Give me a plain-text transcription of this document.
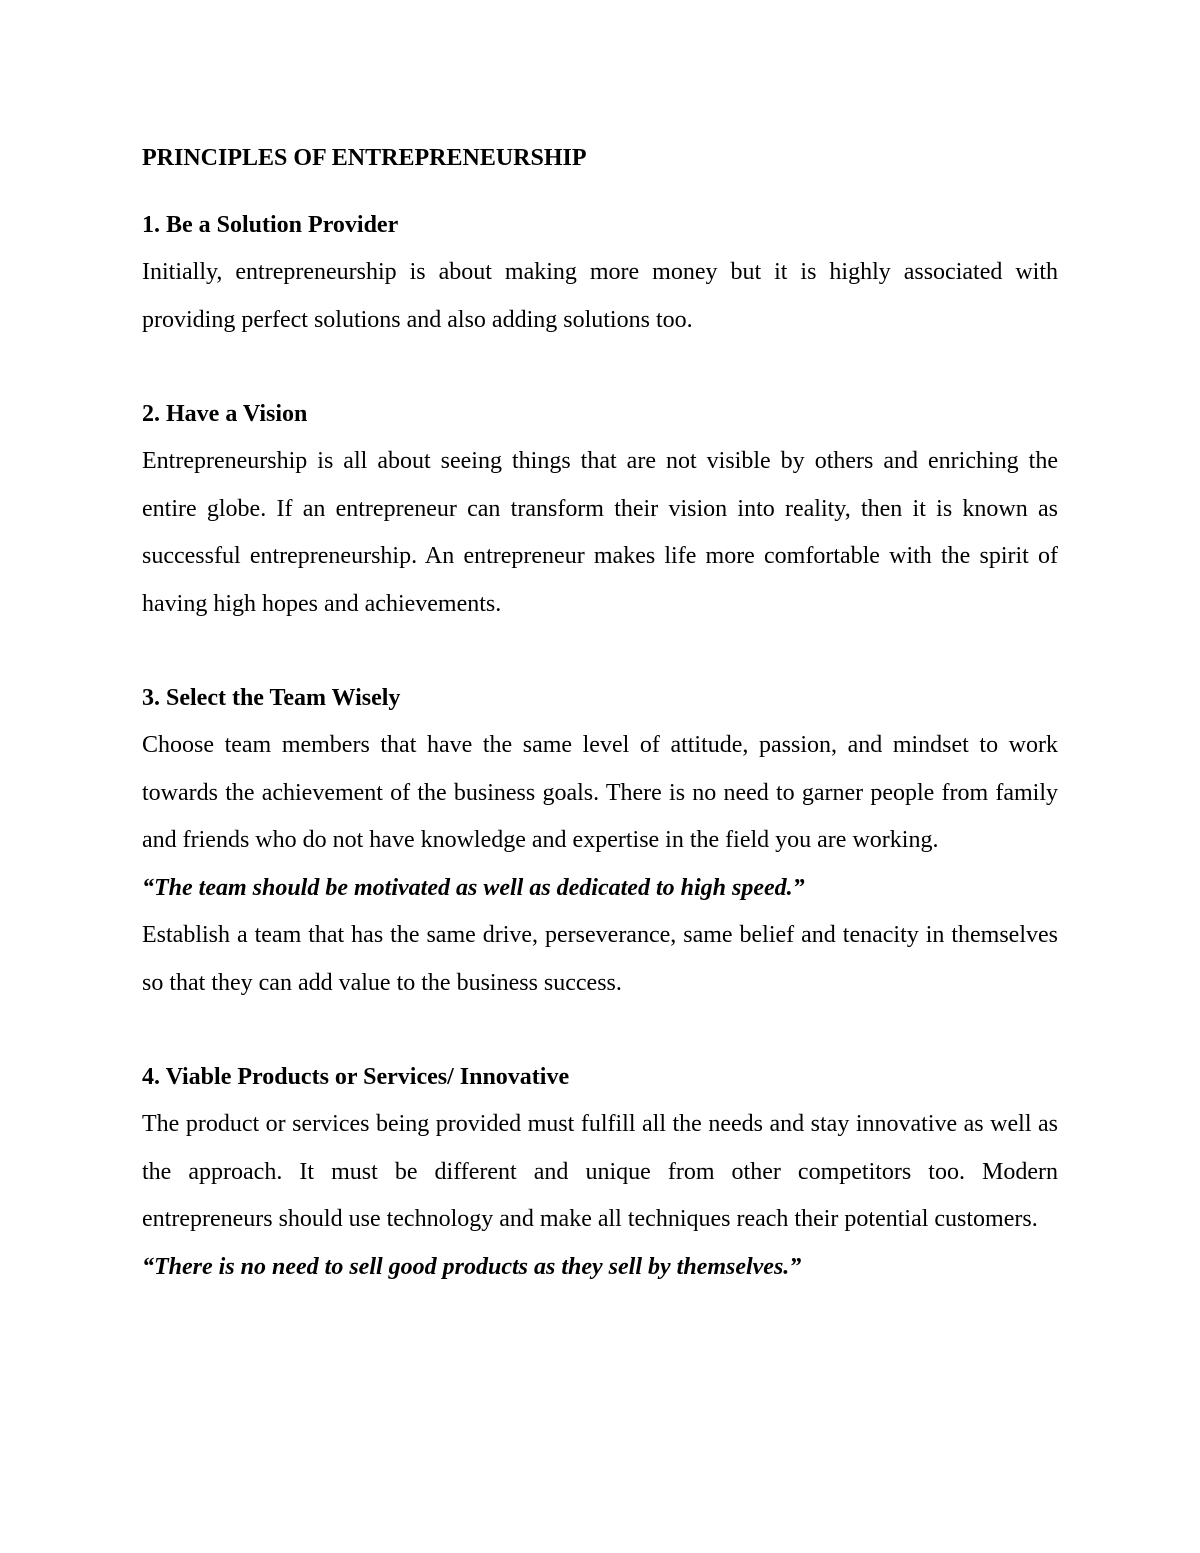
PRINCIPLES OF ENTREPRENEURSHIP
1. Be a Solution Provider

Initially, entrepreneurship is about making more money but it is highly associated with providing perfect solutions and also adding solutions too.

2. Have a Vision

Entrepreneurship is all about seeing things that are not visible by others and enriching the entire globe. If an entrepreneur can transform their vision into reality, then it is known as successful entrepreneurship. An entrepreneur makes life more comfortable with the spirit of having high hopes and achievements.

3. Select the Team Wisely

Choose team members that have the same level of attitude, passion, and mindset to work towards the achievement of the business goals. There is no need to garner people from family and friends who do not have knowledge and expertise in the field you are working.

“The team should be motivated as well as dedicated to high speed.”

Establish a team that has the same drive, perseverance, same belief and tenacity in themselves so that they can add value to the business success.

4. Viable Products or Services/ Innovative

The product or services being provided must fulfill all the needs and stay innovative as well as the approach. It must be different and unique from other competitors too. Modern entrepreneurs should use technology and make all techniques reach their potential customers.

“There is no need to sell good products as they sell by themselves.”
